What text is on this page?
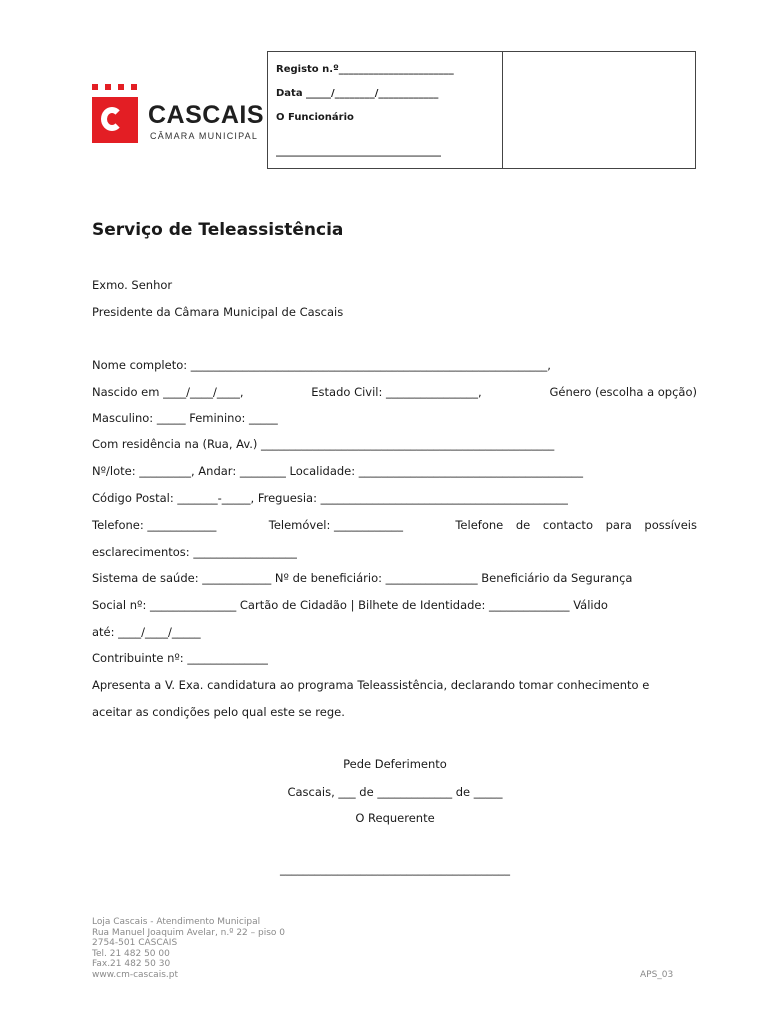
CASCAIS
CÂMARA MUNICIPAL
Registo n.º_______________________
Data _____/________/____________
O Funcionário
_________________________________
Serviço de Teleassistência
Exmo. Senhor
Presidente da Câmara Municipal de Cascais
Nome completo: ______________________________________________________________,
Nascido em ____/____/____,	Estado Civil: ________________,	Género (escolha a opção)
Masculino: _____ Feminino: _____
Com residência na (Rua, Av.) ___________________________________________________
Nº/lote: _________, Andar: ________ Localidade: _______________________________________
Código Postal: _______-_____, Freguesia: ___________________________________________
Telefone: ____________	Telemóvel: ____________	Telefone de contacto para possíveis
esclarecimentos: __________________
Sistema de saúde: ____________ Nº de beneficiário: ________________ Beneficiário da Segurança
Social nº: _______________ Cartão de Cidadão | Bilhete de Identidade: ______________ Válido
até: ____/____/_____
Contribuinte nº: ______________
Apresenta a V. Exa. candidatura ao programa Teleassistência, declarando tomar conhecimento e
aceitar as condições pelo qual este se rege.
Pede Deferimento
Cascais, ___ de _____________ de _____
O Requerente
________________________________________
Loja Cascais - Atendimento Municipal
Rua Manuel Joaquim Avelar, n.º 22 – piso 0
2754-501 CASCAIS
Tel. 21 482 50 00
Fax.21 482 50 30
www.cm-cascais.pt	APS_03
